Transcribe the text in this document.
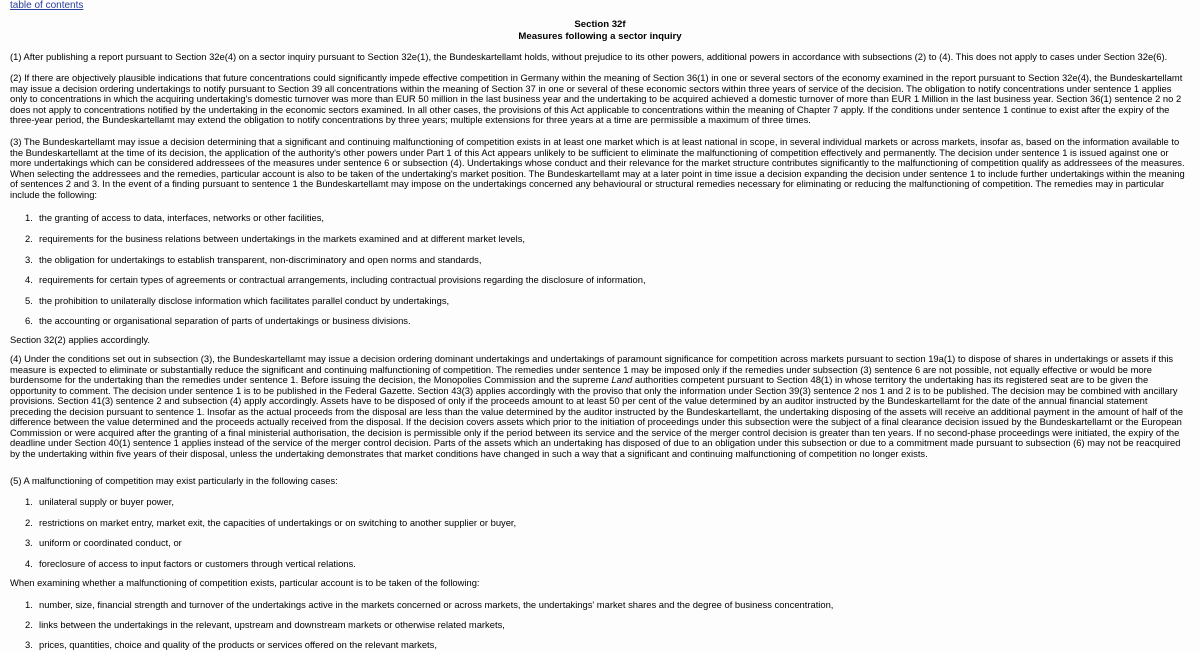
table of contents
Section 32f
Measures following a sector inquiry

(1) After publishing a report pursuant to Section 32e(4) on a sector inquiry pursuant to Section 32e(1), the Bundeskartellamt holds, without prejudice to its other powers, additional powers in accordance with subsections (2) to (4). This does not apply to cases under Section 32e(6).

(2) If there are objectively plausible indications that future concentrations could significantly impede effective competition in Germany within the meaning of Section 36(1) in one or several sectors of the economy examined in the report pursuant to Section 32e(4), the Bundeskartellamt may issue a decision ordering undertakings to notify pursuant to Section 39 all concentrations within the meaning of Section 37 in one or several of these economic sectors within three years of service of the decision. The obligation to notify concentrations under sentence 1 applies only to concentrations in which the acquiring undertaking's domestic turnover was more than EUR 50 million in the last business year and the undertaking to be acquired achieved a domestic turnover of more than EUR 1 Million in the last business year. Section 36(1) sentence 2 no 2 does not apply to concentrations notified by the undertaking in the economic sectors examined. In all other cases, the provisions of this Act applicable to concentrations within the meaning of Chapter 7 apply. If the conditions under sentence 1 continue to exist after the expiry of the three-year period, the Bundeskartellamt may extend the obligation to notify concentrations by three years; multiple extensions for three years at a time are permissible a maximum of three times.

(3) The Bundeskartellamt may issue a decision determining that a significant and continuing malfunctioning of competition exists in at least one market which is at least national in scope, in several individual markets or across markets, insofar as, based on the information available to the Bundeskartellamt at the time of its decision, the application of the authority's other powers under Part 1 of this Act appears unlikely to be sufficient to eliminate the malfunctioning of competition effectively and permanently. The decision under sentence 1 is issued against one or more undertakings which can be considered addressees of the measures under sentence 6 or subsection (4). Undertakings whose conduct and their relevance for the market structure contributes significantly to the malfunctioning of competition qualify as addressees of the measures. When selecting the addressees and the remedies, particular account is also to be taken of the undertaking's market position. The Bundeskartellamt may at a later point in time issue a decision expanding the decision under sentence 1 to include further undertakings within the meaning of sentences 2 and 3. In the event of a finding pursuant to sentence 1 the Bundeskartellamt may impose on the undertakings concerned any behavioural or structural remedies necessary for eliminating or reducing the malfunctioning of competition. The remedies may in particular include the following:

1. the granting of access to data, interfaces, networks or other facilities,
2. requirements for the business relations between undertakings in the markets examined and at different market levels,
3. the obligation for undertakings to establish transparent, non-discriminatory and open norms and standards,
4. requirements for certain types of agreements or contractual arrangements, including contractual provisions regarding the disclosure of information,
5. the prohibition to unilaterally disclose information which facilitates parallel conduct by undertakings,
6. the accounting or organisational separation of parts of undertakings or business divisions.

Section 32(2) applies accordingly.

(4) Under the conditions set out in subsection (3), the Bundeskartellamt may issue a decision ordering dominant undertakings and undertakings of paramount significance for competition across markets pursuant to section 19a(1) to dispose of shares in undertakings or assets if this measure is expected to eliminate or substantially reduce the significant and continuing malfunctioning of competition. The remedies under sentence 1 may be imposed only if the remedies under subsection (3) sentence 6 are not possible, not equally effective or would be more burdensome for the undertaking than the remedies under sentence 1. Before issuing the decision, the Monopolies Commission and the supreme Land authorities competent pursuant to Section 48(1) in whose territory the undertaking has its registered seat are to be given the opportunity to comment. The decision under sentence 1 is to be published in the Federal Gazette. Section 43(3) applies accordingly with the proviso that only the information under Section 39(3) sentence 2 nos 1 and 2 is to be published. The decision may be combined with ancillary provisions. Section 41(3) sentence 2 and subsection (4) apply accordingly. Assets have to be disposed of only if the proceeds amount to at least 50 per cent of the value determined by an auditor instructed by the Bundeskartellamt for the date of the annual financial statement preceding the decision pursuant to sentence 1. Insofar as the actual proceeds from the disposal are less than the value determined by the auditor instructed by the Bundeskartellamt, the undertaking disposing of the assets will receive an additional payment in the amount of half of the difference between the value determined and the proceeds actually received from the disposal. If the decision covers assets which prior to the initiation of proceedings under this subsection were the subject of a final clearance decision issued by the Bundeskartellamt or the European Commission or were acquired after the granting of a final ministerial authorisation, the decision is permissible only if the period between its service and the service of the merger control decision is greater than ten years. If no second-phase proceedings were initiated, the expiry of the deadline under Section 40(1) sentence 1 applies instead of the service of the merger control decision. Parts of the assets which an undertaking has disposed of due to an obligation under this subsection or due to a commitment made pursuant to subsection (6) may not be reacquired by the undertaking within five years of their disposal, unless the undertaking demonstrates that market conditions have changed in such a way that a significant and continuing malfunctioning of competition no longer exists.

(5) A malfunctioning of competition may exist particularly in the following cases:

1. unilateral supply or buyer power,
2. restrictions on market entry, market exit, the capacities of undertakings or on switching to another supplier or buyer,
3. uniform or coordinated conduct, or
4. foreclosure of access to input factors or customers through vertical relations.

When examining whether a malfunctioning of competition exists, particular account is to be taken of the following:

1. number, size, financial strength and turnover of the undertakings active in the markets concerned or across markets, the undertakings' market shares and the degree of business concentration,
2. links between the undertakings in the relevant, upstream and downstream markets or otherwise related markets,
3. prices, quantities, choice and quality of the products or services offered on the relevant markets,
